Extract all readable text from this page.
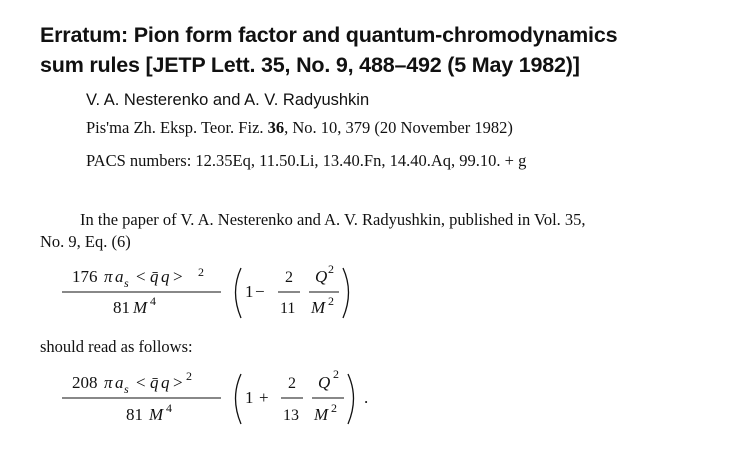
Erratum: Pion form factor and quantum-chromodynamics
sum rules [JETP Lett. 35, No. 9, 488–492 (5 May 1982)]
V. A. Nesterenko and A. V. Radyushkin
Pis'ma Zh. Eksp. Teor. Fiz. 36, No. 10, 379 (20 November 1982)
PACS numbers: 12.35Eq, 11.50.Li, 13.40.Fn, 14.40.Aq, 99.10. + g
In the paper of V. A. Nesterenko and A. V. Radyushkin, published in Vol. 35,
No. 9, Eq. (6)
should read as follows:
176 π a s < q̄ q > 2
81 M 4	1 −
2
11
Q 2
M 2
208 π a s < q̄ q > 2
81 M 4
1 +
2
13
Q 2
M 2
.
